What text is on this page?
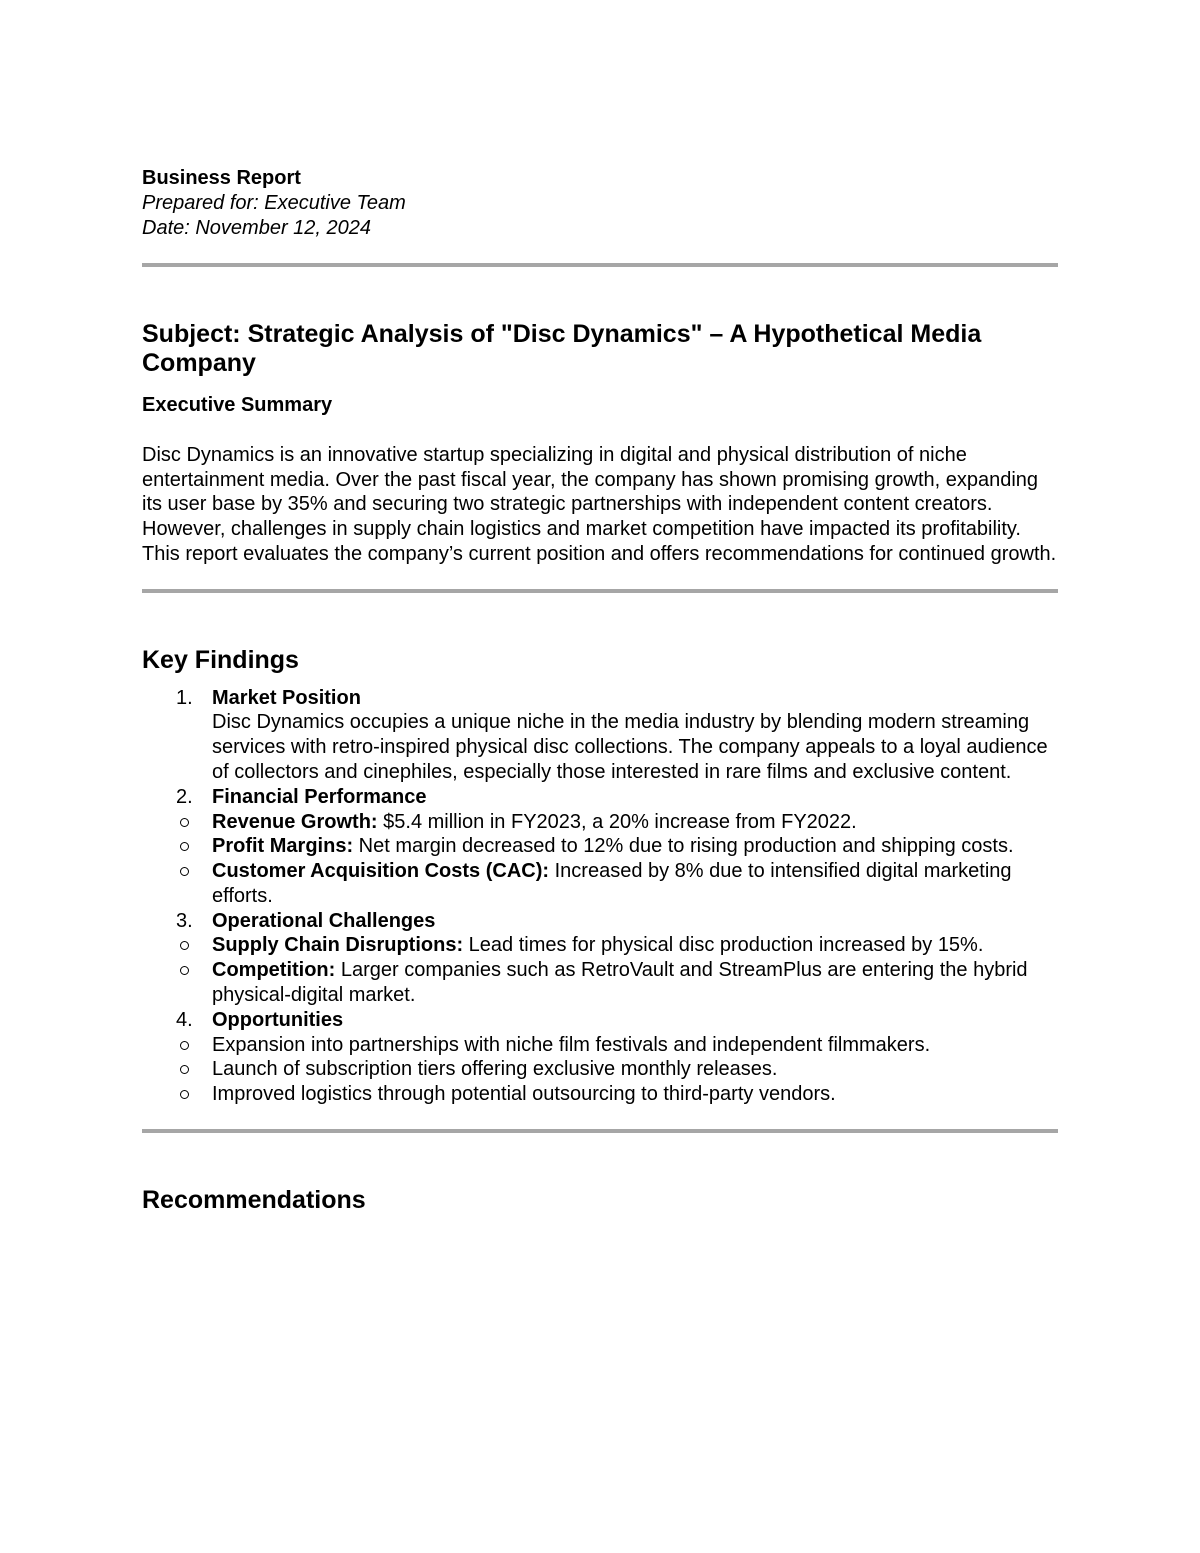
Business Report

Prepared for: Executive Team

Date: November 12, 2024

Subject: Strategic Analysis of "Disc Dynamics" – A Hypothetical Media Company
Executive Summary

Disc Dynamics is an innovative startup specializing in digital and physical distribution of niche entertainment media. Over the past fiscal year, the company has shown promising growth, expanding its user base by 35% and securing two strategic partnerships with independent content creators. However, challenges in supply chain logistics and market competition have impacted its profitability. This report evaluates the company’s current position and offers recommendations for continued growth.

Key Findings
1. Market Position
Disc Dynamics occupies a unique niche in the media industry by blending modern streaming services with retro-inspired physical disc collections. The company appeals to a loyal audience of collectors and cinephiles, especially those interested in rare films and exclusive content.
2. Financial Performance
Revenue Growth: $5.4 million in FY2023, a 20% increase from FY2022.
Profit Margins: Net margin decreased to 12% due to rising production and shipping costs.
Customer Acquisition Costs (CAC): Increased by 8% due to intensified digital marketing efforts.
3. Operational Challenges
Supply Chain Disruptions: Lead times for physical disc production increased by 15%.
Competition: Larger companies such as RetroVault and StreamPlus are entering the hybrid physical-digital market.
4. Opportunities
Expansion into partnerships with niche film festivals and independent filmmakers.
Launch of subscription tiers offering exclusive monthly releases.
Improved logistics through potential outsourcing to third-party vendors.
Recommendations
